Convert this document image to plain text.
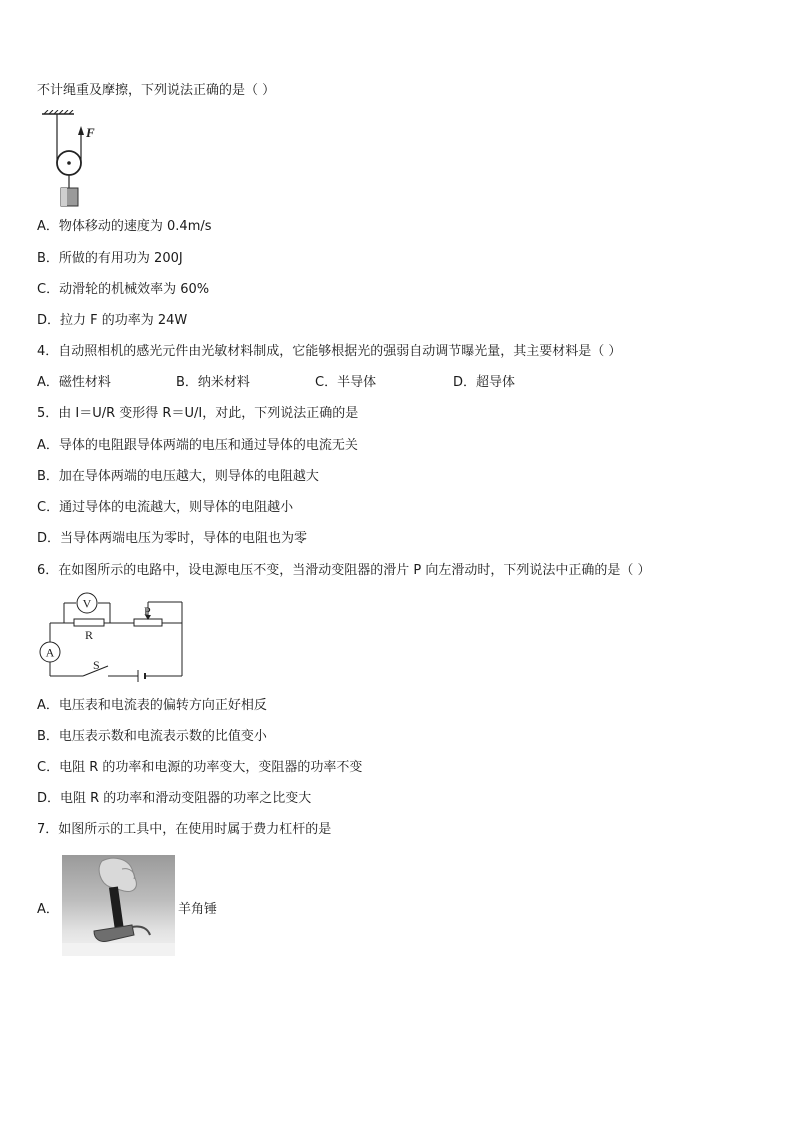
不计绳重及摩擦，下列说法正确的是（ ）
F
A．物体移动的速度为 0.4m/s
B．所做的有用功为 200J
C．动滑轮的机械效率为 60%
D．拉力 F 的功率为 24W
4．自动照相机的感光元件由光敏材料制成，它能够根据光的强弱自动调节曝光量，其主要材料是（ ）
A．磁性材料	B．纳米材料	C．半导体	D．超导体
5．由 I＝U/R 变形得 R＝U/I，对此，下列说法正确的是
A．导体的电阻跟导体两端的电压和通过导体的电流无关
B．加在导体两端的电压越大，则导体的电阻越大
C．通过导体的电流越大，则导体的电阻越小
D．当导体两端电压为零时，导体的电阻也为零
6．在如图所示的电路中，设电源电压不变，当滑动变阻器的滑片 P 向左滑动时，下列说法中正确的是（ ）
V
R
P
A
S
A．电压表和电流表的偏转方向正好相反
B．电压表示数和电流表示数的比值变小
C．电阻 R 的功率和电源的功率变大，变阻器的功率不变
D．电阻 R 的功率和滑动变阻器的功率之比变大
7．如图所示的工具中，在使用时属于费力杠杆的是
A．	羊角锤
